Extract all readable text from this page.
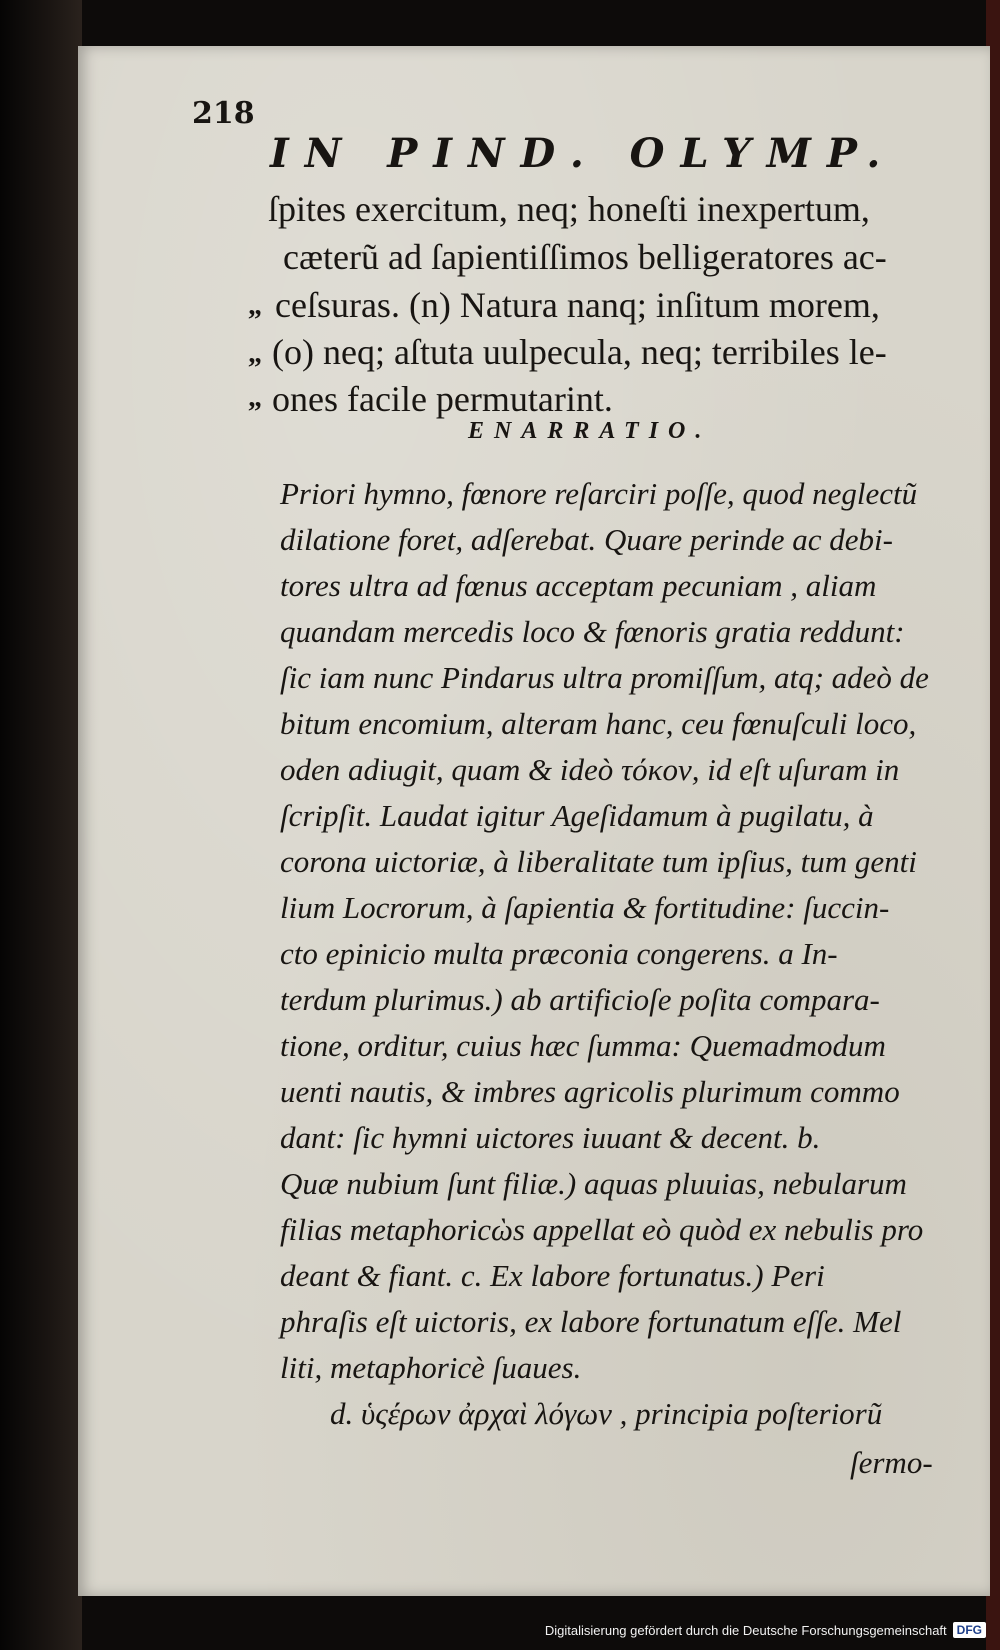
218
IN PIND. OLYMP.
ſpites exercitum, neq; honeſti inexpertum,
cæterũ ad ſapientiſſimos belligeratores ac-
ceſsuras. (n) Natura nanq; inſitum morem,
(o) neq; aſtuta uulpecula, neq; terribiles le-
ones facile permutarint.
„
„
„
ENARRATIO.
Priori hymno, fœnore reſarciri poſſe, quod neglectũ
dilatione foret, adſerebat. Quare perinde ac debi-
tores ultra ad fœnus acceptam pecuniam , aliam
quandam mercedis loco & fœnoris gratia reddunt:
ſic iam nunc Pindarus ultra promiſſum, atq; adeò de
bitum encomium, alteram hanc, ceu fœnuſculi loco,
oden adiugit, quam & ideò τόκον, id eſt uſuram in
ſcripſit. Laudat igitur Ageſidamum à pugilatu, à
corona uictoriæ, à liberalitate tum ipſius, tum genti
lium Locrorum, à ſapientia & fortitudine: ſuccin-
cto epinicio multa præconia congerens. a In-
terdum plurimus.) ab artificioſe poſita compara-
tione, orditur, cuius hæc ſumma: Quemadmodum
uenti nautis, & imbres agricolis plurimum commo
dant: ſic hymni uictores iuuant & decent. b.
Quæ nubium ſunt filiæ.) aquas pluuias, nebularum
filias metaphoricὼs appellat eò quòd ex nebulis pro
deant & fiant. c. Ex labore fortunatus.) Peri
phraſis eſt uictoris, ex labore fortunatum eſſe. Mel
liti, metaphoricè ſuaues.
d. ὑςέρων ἀρχαὶ λόγων , principia poſteriorũ
ſermo-
Digitalisierung gefördert durch die Deutsche Forschungsgemeinschaft DFG
